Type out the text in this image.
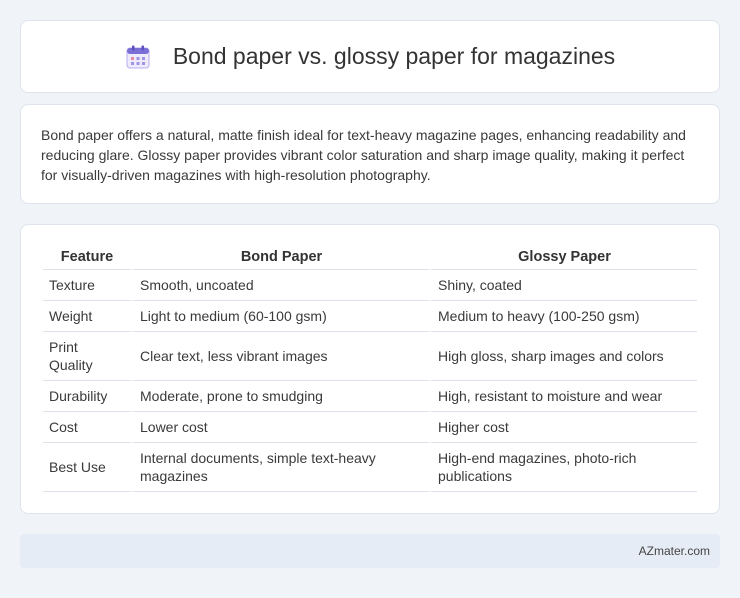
Bond paper vs. glossy paper for magazines

Bond paper offers a natural, matte finish ideal for text-heavy magazine pages, enhancing readability and reducing glare. Glossy paper provides vibrant color saturation and sharp image quality, making it perfect for visually-driven magazines with high-resolution photography.

Feature	Bond Paper	Glossy Paper
Texture	Smooth, uncoated	Shiny, coated
Weight	Light to medium (60-100 gsm)	Medium to heavy (100-250 gsm)
Print Quality	Clear text, less vibrant images	High gloss, sharp images and colors
Durability	Moderate, prone to smudging	High, resistant to moisture and wear
Cost	Lower cost	Higher cost
Best Use	Internal documents, simple text-heavy magazines	High-end magazines, photo-rich publications
AZmater.com
